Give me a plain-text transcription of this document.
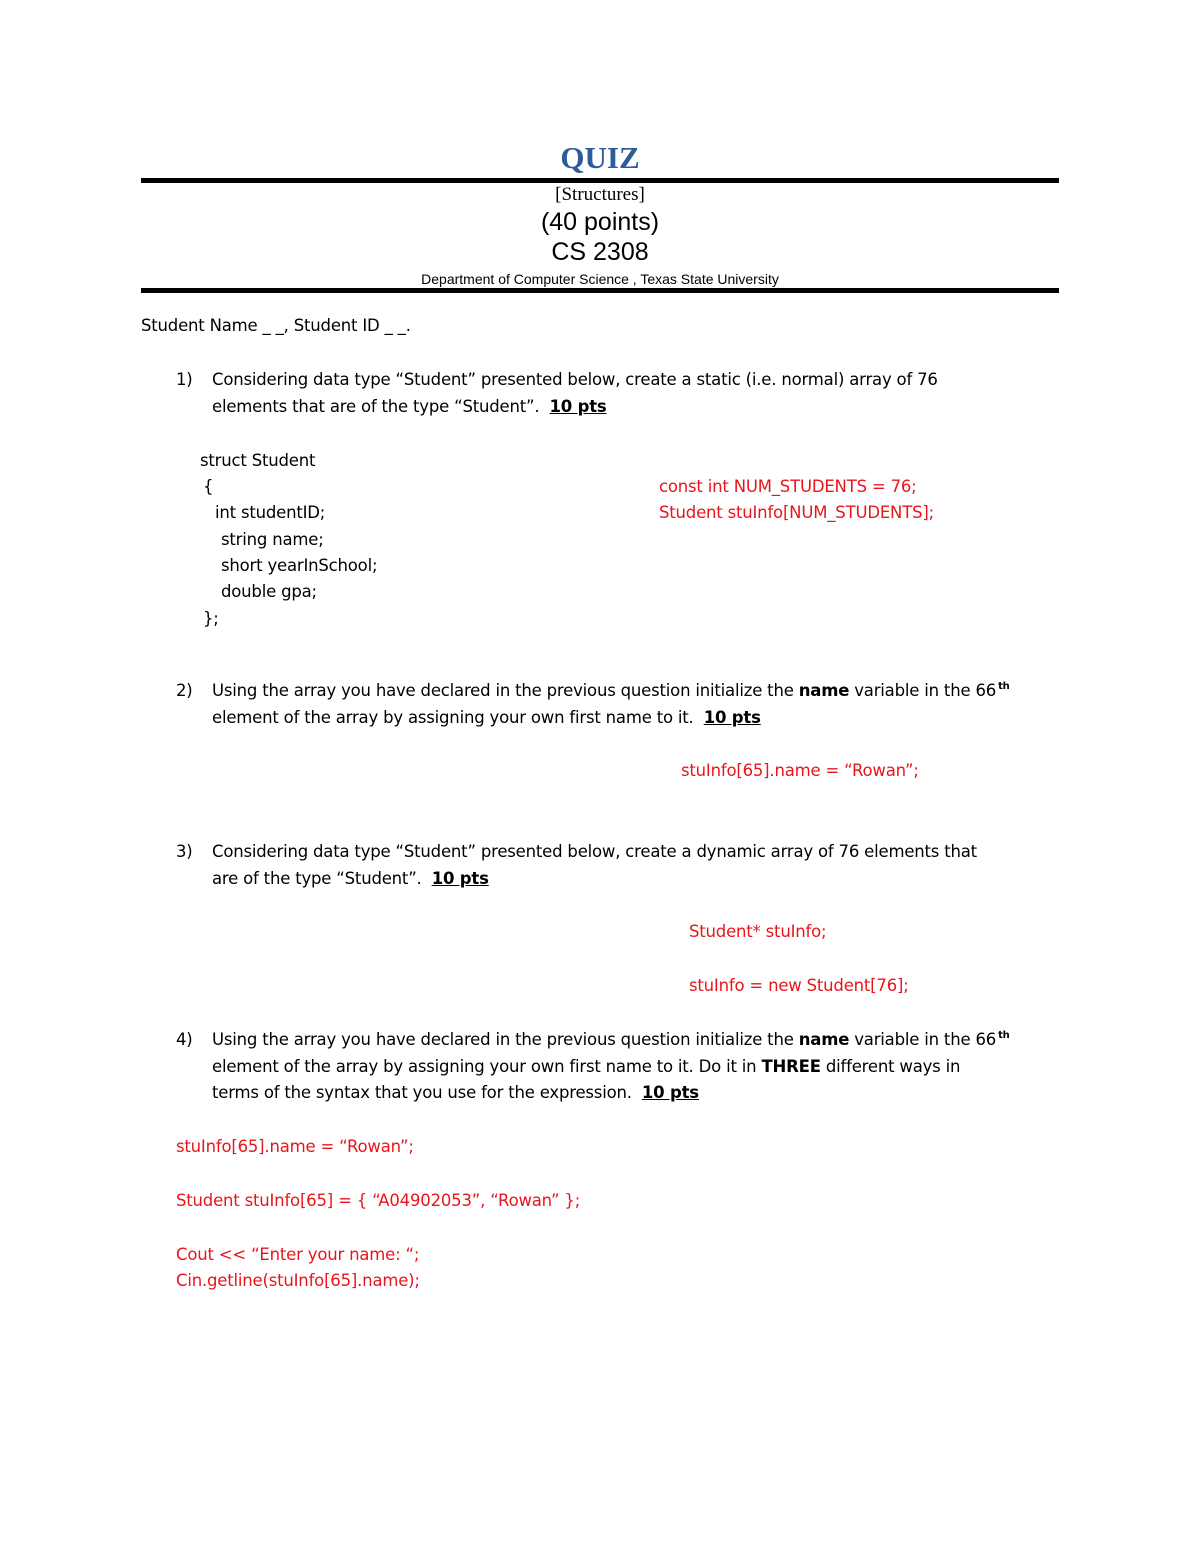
QUIZ
[Structures]
(40 points)
CS 2308
Department of Computer Science , Texas State University
Student Name _ _, Student ID _ _.
1) Considering data type “Student” presented below, create a static (i.e. normal) array of 76
elements that are of the type “Student”. 10 pts
struct Student
{
int studentID;
string name;
short yearInSchool;
double gpa;
};
const int NUM_STUDENTS = 76;
Student stuInfo[NUM_STUDENTS];
2) Using the array you have declared in the previous question initialize the name variable in the 66 $^{th}$
element of the array by assigning your own first name to it. 10 pts
stuInfo[65].name = “Rowan”;
3) Considering data type “Student” presented below, create a dynamic array of 76 elements that
are of the type “Student”. 10 pts
Student* stuInfo;
stuInfo = new Student[76];
4) Using the array you have declared in the previous question initialize the name variable in the 66 $^{th}$
element of the array by assigning your own first name to it. Do it in THREE different ways in
terms of the syntax that you use for the expression. 10 pts
stuInfo[65].name = “Rowan”;
Student stuInfo[65] = { “A04902053”, “Rowan” };
Cout << “Enter your name: “;
Cin.getline(stuInfo[65].name);
